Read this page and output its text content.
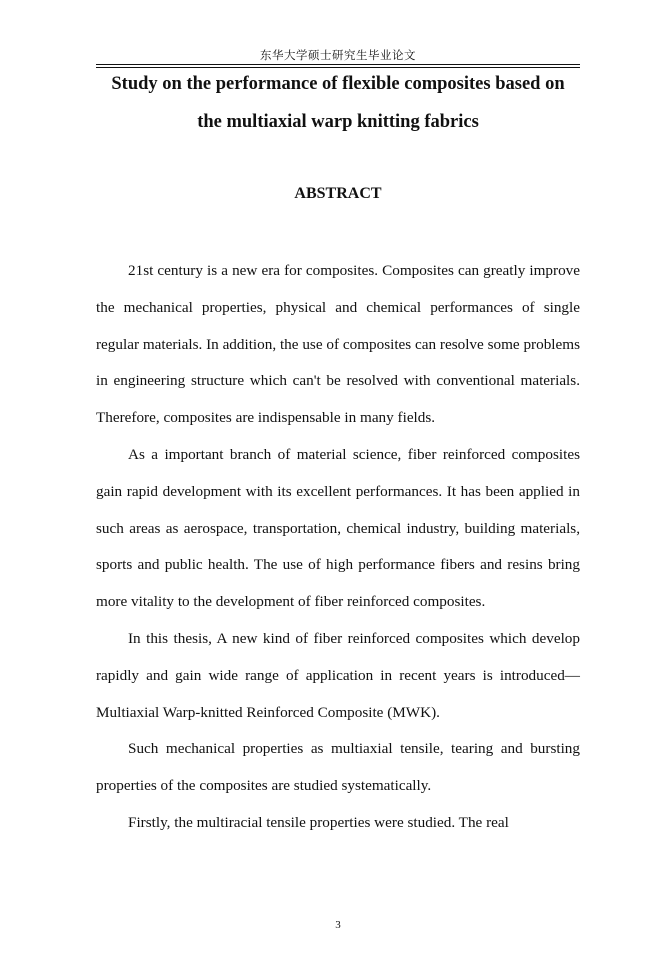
东华大学硕士研究生毕业论文
Study on the performance of flexible composites based on
the multiaxial warp knitting fabrics
ABSTRACT

21st century is a new era for composites. Composites can greatly improve the mechanical properties, physical and chemical performances of single regular materials. In addition, the use of composites can resolve some problems in engineering structure which can't be resolved with conventional materials. Therefore, composites are indispensable in many fields.

As a important branch of material science, fiber reinforced composites gain rapid development with its excellent performances. It has been applied in such areas as aerospace, transportation, chemical industry, building materials, sports and public health. The use of high performance fibers and resins bring more vitality to the development of fiber reinforced composites.

In this thesis, A new kind of fiber reinforced composites which develop rapidly and gain wide range of application in recent years is introduced—Multiaxial Warp-knitted Reinforced Composite (MWK).

Such mechanical properties as multiaxial tensile, tearing and bursting properties of the composites are studied systematically.

Firstly, the multiracial tensile properties were studied. The real

3
